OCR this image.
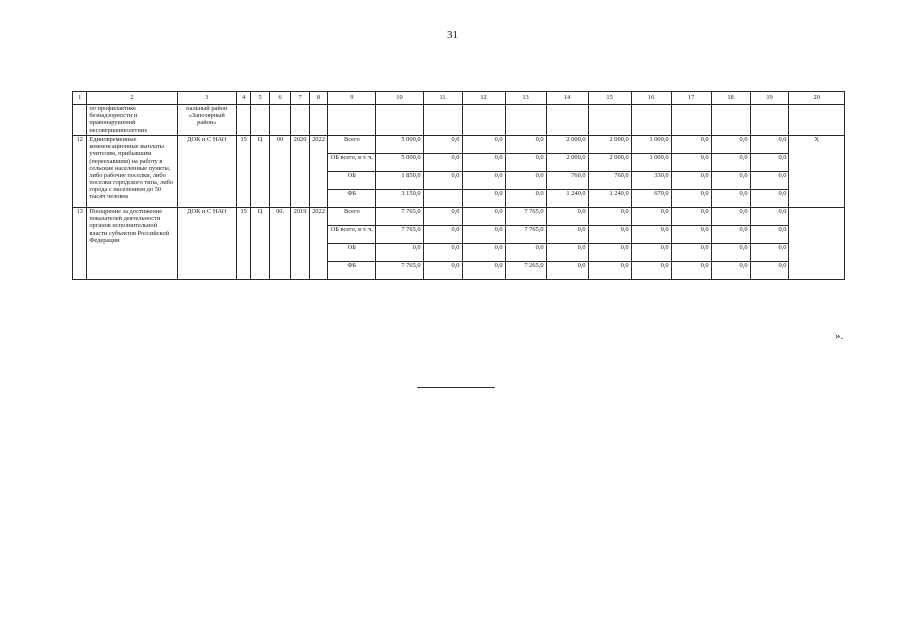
31
1	2	3	4	5	6	7	8	9	10	11	12	13	14	15	16	17	18	19	20
	по профилактике безнадзорности и правонарушений несовершеннолетних	пальный район «Заполярный район»																	
12	Единовременные компенсационные выплаты учителям, прибывшим (переехавшим) на работу в сельские населенные пункты, либо рабочие поселки, либо поселки городского типа, либо города с населением до 50 тысяч человек	ДОК и С НАО	15	Ц	00	2020	2022	Всего	5 000,0	0,0	0,0	0,0	2 000,0	2 000,0	1 000,0	0,0	0,0	0,0	Х
								ОБ всего, в т. ч.	5 000,0	0,0	0,0	0,0	2 000,0	2 000,0	1 000,0	0,0	0,0	0,0	
								ОБ	1 850,0	0,0	0,0	0,0	760,0	760,0	330,0	0,0	0,0	0,0	
								ФБ	3 150,0		0,0	0,0	1 240,0	1 240,0	670,0	0,0	0,0	0,0	
13	Поощрение за достижение показателей деятельности органов исполнительной власти субъектов Российской Федерации	ДОК и С НАО	15	Ц	00.	2019	2022	Всего	7 765,0	0,0	0,0	7 765,0	0,0	0,0	0,0	0,0	0,0	0,0	
								ОБ всего, в т. ч.	7 765,0	0,0	0,0	7 765,0	0,0	0,0	0,0	0,0	0,0	0,0	
								ОБ	0,0	0,0	0,0	0,0	0,0	0,0	0,0	0,0	0,0	0,0	
								ФБ	7 765,0	0,0	0,0	7 265,0	0,0	0,0	0,0	0,0	0,0	0,0	
».
